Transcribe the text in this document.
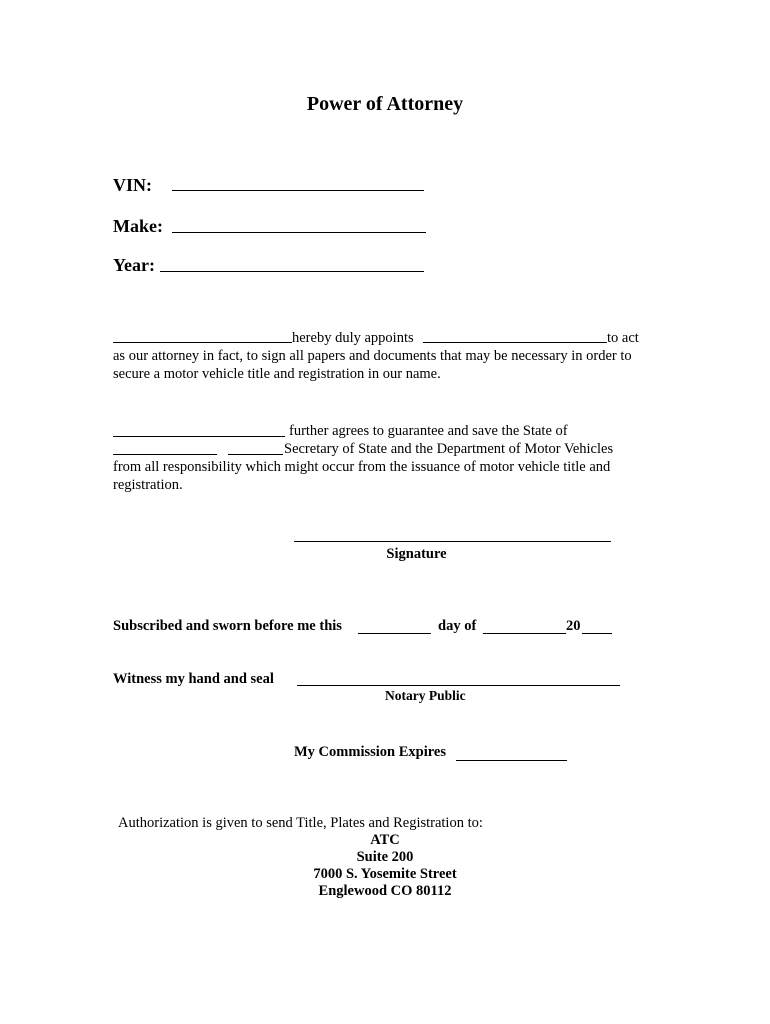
Power of Attorney
VIN:
Make:
Year:
hereby duly appoints	to act
as our attorney in fact, to sign all papers and documents that may be necessary in order to
secure a motor vehicle title and registration in our name.
further agrees to guarantee and save the State of
Secretary of State and the Department of Motor Vehicles
from all responsibility which might occur from the issuance of motor vehicle title and
registration.
Signature
Subscribed and sworn before me this	day of	20
Witness my hand and seal
Notary Public
My Commission Expires
Authorization is given to send Title, Plates and Registration to:
ATC
Suite 200
7000 S. Yosemite Street
Englewood CO 80112
